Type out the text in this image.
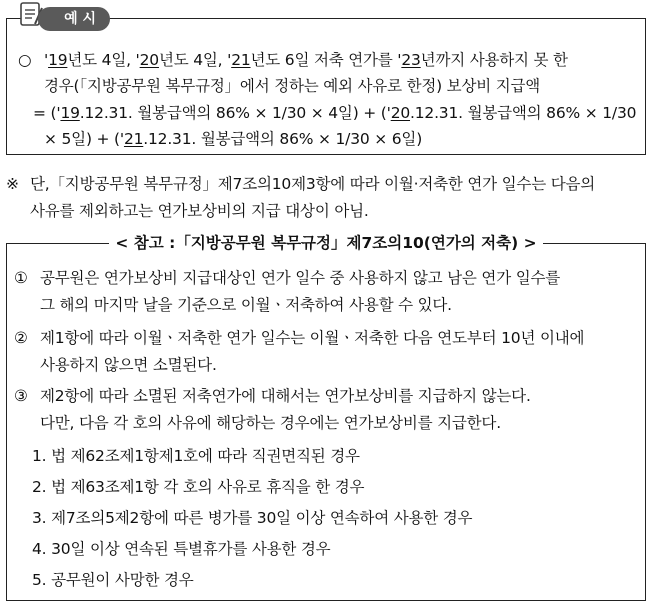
예 시
○ '19년도 4일, '20년도 4일, '21년도 6일 저축 연가를 '23년까지 사용하지 못 한
경우(「지방공무원 복무규정」에서 정하는 예외 사유로 한정) 보상비 지급액
= ('19.12.31. 월봉급액의 86% × 1/30 × 4일) + ('20.12.31. 월봉급액의 86% × 1/30
× 5일) + ('21.12.31. 월봉급액의 86% × 1/30 × 6일)
※ 단,「지방공무원 복무규정」제7조의10제3항에 따라 이월·저축한 연가 일수는 다음의
사유를 제외하고는 연가보상비의 지급 대상이 아님.
< 참고 :「지방공무원 복무규정」제7조의10(연가의 저축) >
① 공무원은 연가보상비 지급대상인 연가 일수 중 사용하지 않고 남은 연가 일수를
그 해의 마지막 날을 기준으로 이월ㆍ저축하여 사용할 수 있다.
② 제1항에 따라 이월ㆍ저축한 연가 일수는 이월ㆍ저축한 다음 연도부터 10년 이내에
사용하지 않으면 소멸된다.
③ 제2항에 따라 소멸된 저축연가에 대해서는 연가보상비를 지급하지 않는다.
다만, 다음 각 호의 사유에 해당하는 경우에는 연가보상비를 지급한다.
1. 법 제62조제1항제1호에 따라 직권면직된 경우
2. 법 제63조제1항 각 호의 사유로 휴직을 한 경우
3. 제7조의5제2항에 따른 병가를 30일 이상 연속하여 사용한 경우
4. 30일 이상 연속된 특별휴가를 사용한 경우
5. 공무원이 사망한 경우
